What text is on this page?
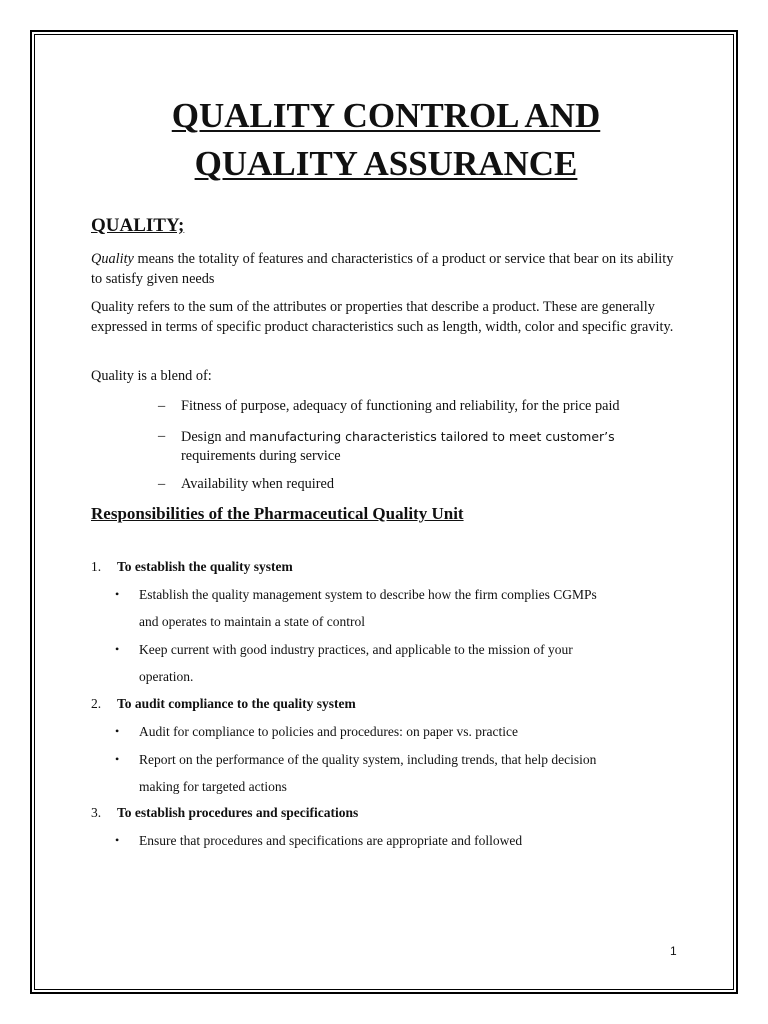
QUALITY CONTROL AND QUALITY ASSURANCE
QUALITY;

Quality means the totality of features and characteristics of a product or service that bear on its ability to satisfy given needs

Quality refers to the sum of the attributes or properties that describe a product. These are generally expressed in terms of specific product characteristics such as length, width, color and specific gravity.

Quality is a blend of:

– Fitness of purpose, adequacy of functioning and reliability, for the price paid
– Design and manufacturing characteristics tailored to meet customer’s
requirements during service
– Availability when required
Responsibilities of the Pharmaceutical Quality Unit
1. To establish the quality system
• Establish the quality management system to describe how the firm complies CGMPs and operates to maintain a state of control
• Keep current with good industry practices, and applicable to the mission of your operation.
2. To audit compliance to the quality system
• Audit for compliance to policies and procedures: on paper vs. practice
• Report on the performance of the quality system, including trends, that help decision making for targeted actions
3. To establish procedures and specifications
• Ensure that procedures and specifications are appropriate and followed
1
